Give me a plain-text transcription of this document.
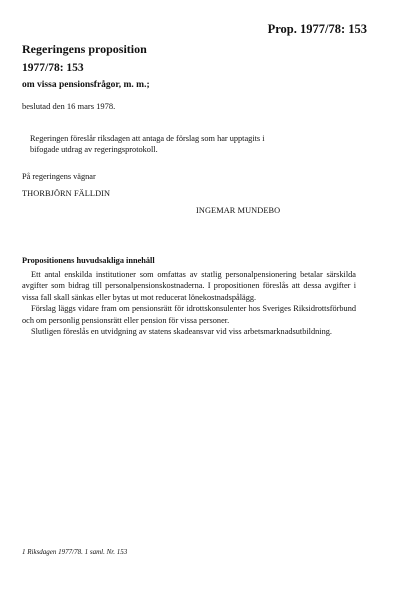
Prop. 1977/78: 153
Regeringens proposition
1977/78: 153
om vissa pensionsfrågor, m. m.;
beslutad den 16 mars 1978.

Regeringen föreslår riksdagen att antaga de förslag som har upptagits i

bifogade utdrag av regeringsprotokoll.

På regeringens vägnar
THORBJÖRN FÄLLDIN
INGEMAR MUNDEBO
Propositionens huvudsakliga innehåll

Ett antal enskilda institutioner som omfattas av statlig personalpensionering betalar särskilda avgifter som bidrag till personalpensionskostnaderna. I propositionen föreslås att dessa avgifter i vissa fall skall sänkas eller bytas ut mot reducerat lönekostnadspålägg.

Förslag läggs vidare fram om pensionsrätt för idrottskonsulenter hos Sveriges Riksidrottsförbund och om personlig pensionsrätt eller pension för vissa personer.

Slutligen föreslås en utvidgning av statens skadeansvar vid viss arbetsmarknadsutbildning.

1 Riksdagen 1977/78. 1 saml. Nr. 153
